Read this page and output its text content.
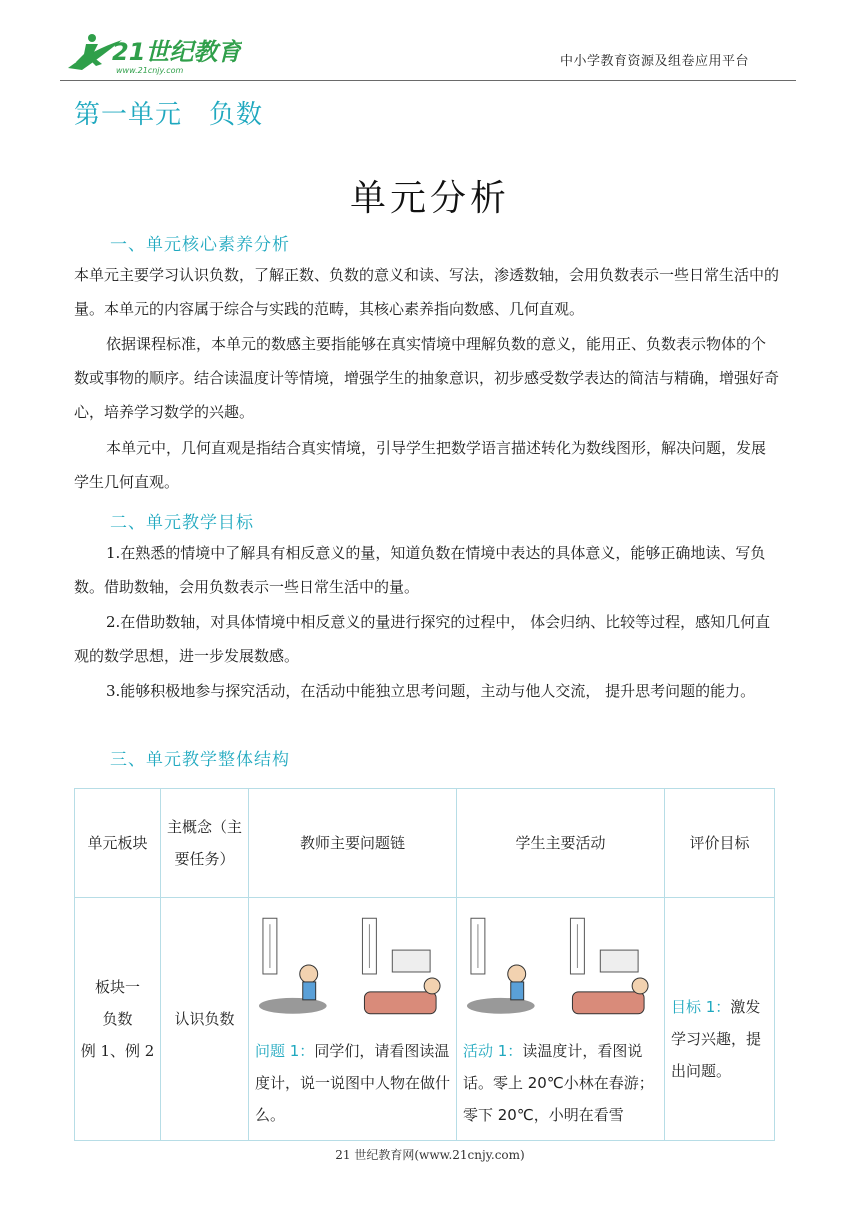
21世纪教育
www.21cnjy.com
中小学教育资源及组卷应用平台
第一单元　负数
单元分析
一、单元核心素养分析
本单元主要学习认识负数，了解正数、负数的意义和读、写法，渗透数轴，会用负数表示一些日常生活中的量。本单元的内容属于综合与实践的范畴，其核心素养指向数感、几何直观。
依据课程标准，本单元的数感主要指能够在真实情境中理解负数的意义，能用正、负数表示物体的个数或事物的顺序。结合读温度计等情境，增强学生的抽象意识，初步感受数学表达的简洁与精确，增强好奇心，培养学习数学的兴趣。
本单元中，几何直观是指结合真实情境，引导学生把数学语言描述转化为数线图形，解决问题，发展学生几何直观。
二、单元教学目标
1.在熟悉的情境中了解具有相反意义的量，知道负数在情境中表达的具体意义，能够正确地读、写负数。借助数轴，会用负数表示一些日常生活中的量。
2.在借助数轴，对具体情境中相反意义的量进行探究的过程中， 体会归纳、比较等过程，感知几何直观的数学思想，进一步发展数感。
3.能够积极地参与探究活动，在活动中能独立思考问题，主动与他人交流， 提升思考问题的能力。
三、单元教学整体结构
单元板块	主概念（主要任务）	教师主要问题链	学生主要活动	评价目标

板块一
负数
例 1、例 2	认识负数	问题 1：同学们，请看图读温度计，说一说图中人物在做什么。	活动 1：读温度计，看图说话。零上 20℃小林在春游；零下 20℃，小明在看雪	目标 1：激发学习兴趣，提出问题。
21 世纪教育网(www.21cnjy.com)
